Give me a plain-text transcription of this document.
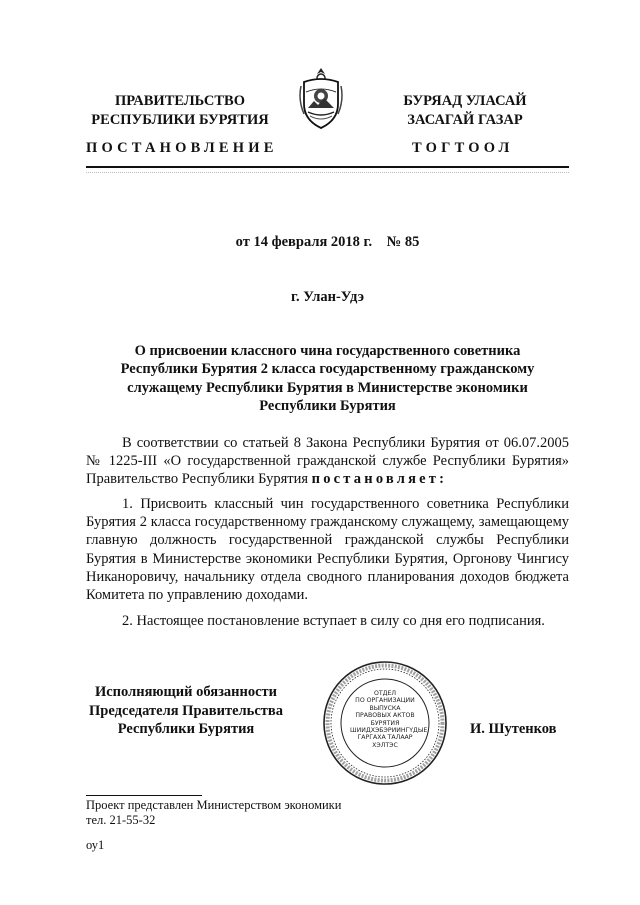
ПРАВИТЕЛЬСТВО
РЕСПУБЛИКИ БУРЯТИЯ
БУРЯАД УЛАСАЙ
ЗАСАГАЙ ГАЗАР
ПОСТАНОВЛЕНИЕ	ТОГТООЛ
от 14 февраля 2018 г.    № 85
г. Улан-Удэ
О присвоении классного чина государственного советника
Республики Бурятия 2 класса государственному гражданскому
служащему Республики Бурятия в Министерстве экономики
Республики Бурятия
В соответствии со статьей 8 Закона Республики Бурятия от 06.07.2005 № 1225-III «О государственной гражданской службе Республики Бурятия» Правительство Республики Бурятия постановляет:
1. Присвоить классный чин государственного советника Республики Бурятия 2 класса государственному гражданскому служащему, замещающему главную должность государственной гражданской службы Республики Бурятия в Министерстве экономики Республики Бурятия, Оргонову Чингису Никаноровичу, начальнику отдела сводного планирования доходов бюджета Комитета по управлению доходами.
2. Настоящее постановление вступает в силу со дня его подписания.
Исполняющий обязанности
Председателя Правительства
Республики Бурятия
ОТДЕЛ
ПО ОРГАНИЗАЦИИ
ВЫПУСКА
ПРАВОВЫХ АКТОВ
БУРЯТИЯ
ШИИДХЭБЭРИИНГҮДЫЕ
ГАРГАХА ТАЛААР
ХЭЛТЭС
И. Шутенков
Проект представлен Министерством экономики
тел. 21-55-32
оу1
